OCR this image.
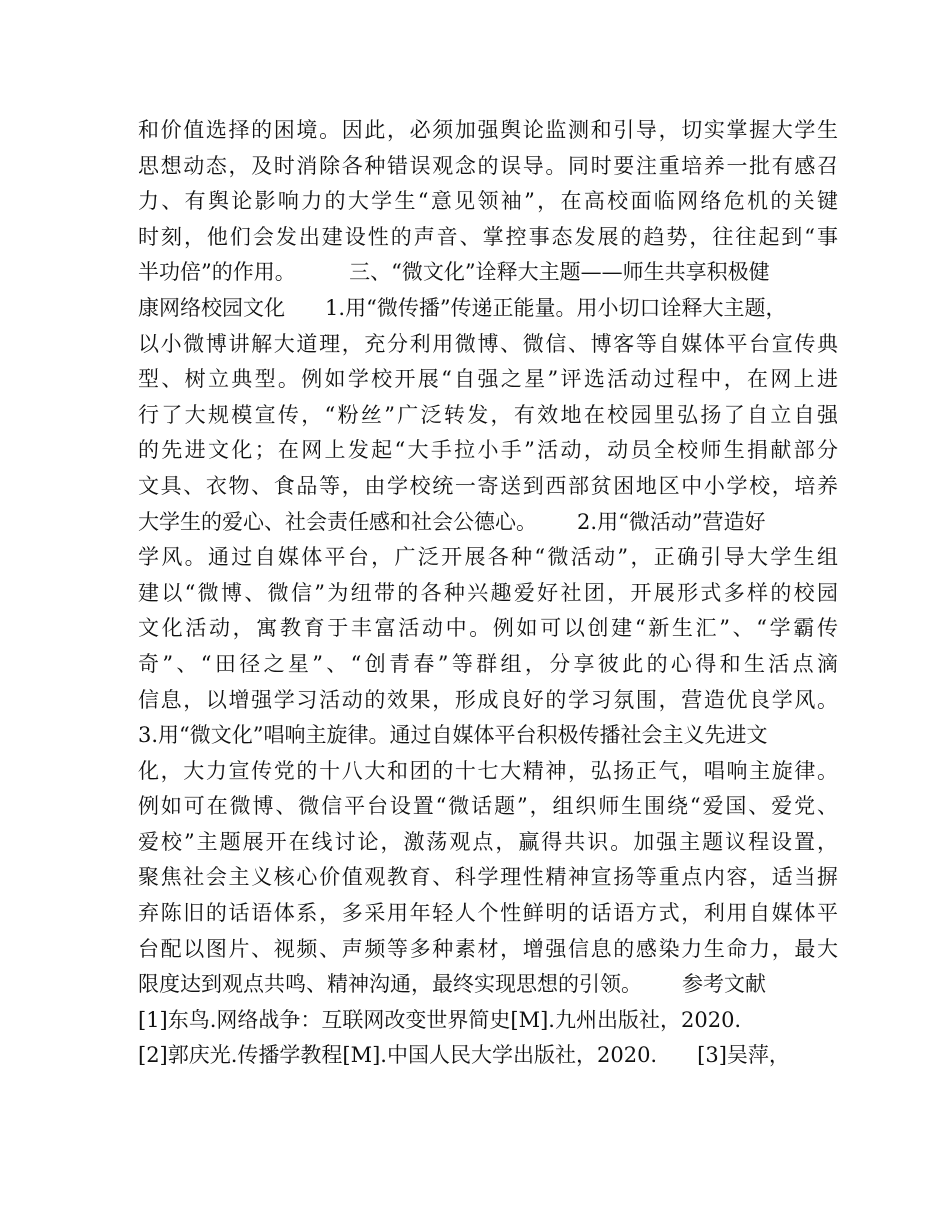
和价值选择的困境。因此，必须加强舆论监测和引导，切实掌握大学生
思想动态，及时消除各种错误观念的误导。同时要注重培养一批有感召
力、有舆论影响力的大学生“意见领袖”，在高校面临网络危机的关键
时刻，他们会发出建设性的声音、掌控事态发展的趋势，往往起到“事
半功倍”的作用。        三、“微文化”诠释大主题——师生共享积极健
康网络校园文化      1.用“微传播”传递正能量。用小切口诠释大主题，
以小微博讲解大道理，充分利用微博、微信、博客等自媒体平台宣传典
型、树立典型。例如学校开展“自强之星”评选活动过程中，在网上进
行了大规模宣传，“粉丝”广泛转发，有效地在校园里弘扬了自立自强
的先进文化；在网上发起“大手拉小手”活动，动员全校师生捐献部分
文具、衣物、食品等，由学校统一寄送到西部贫困地区中小学校，培养
大学生的爱心、社会责任感和社会公德心。      2.用“微活动”营造好
学风。通过自媒体平台，广泛开展各种“微活动”，正确引导大学生组
建以“微博、微信”为纽带的各种兴趣爱好社团，开展形式多样的校园
文化活动，寓教育于丰富活动中。例如可以创建“新生汇”、“学霸传
奇”、“田径之星”、“创青春”等群组，分享彼此的心得和生活点滴
信息，以增强学习活动的效果，形成良好的学习氛围，营造优良学风。
3.用“微文化”唱响主旋律。通过自媒体平台积极传播社会主义先进文
化，大力宣传党的十八大和团的十七大精神，弘扬正气，唱响主旋律。
例如可在微博、微信平台设置“微话题”，组织师生围绕“爱国、爱党、
爱校”主题展开在线讨论，激荡观点，赢得共识。加强主题议程设置，
聚焦社会主义核心价值观教育、科学理性精神宣扬等重点内容，适当摒
弃陈旧的话语体系，多采用年轻人个性鲜明的话语方式，利用自媒体平
台配以图片、视频、声频等多种素材，增强信息的感染力生命力，最大
限度达到观点共鸣、精神沟通，最终实现思想的引领。      参考文献
[1]东鸟.网络战争：互联网改变世界简史[M].九州出版社，2020.
[2]郭庆光.传播学教程[M].中国人民大学出版社，2020.      [3]吴萍，
